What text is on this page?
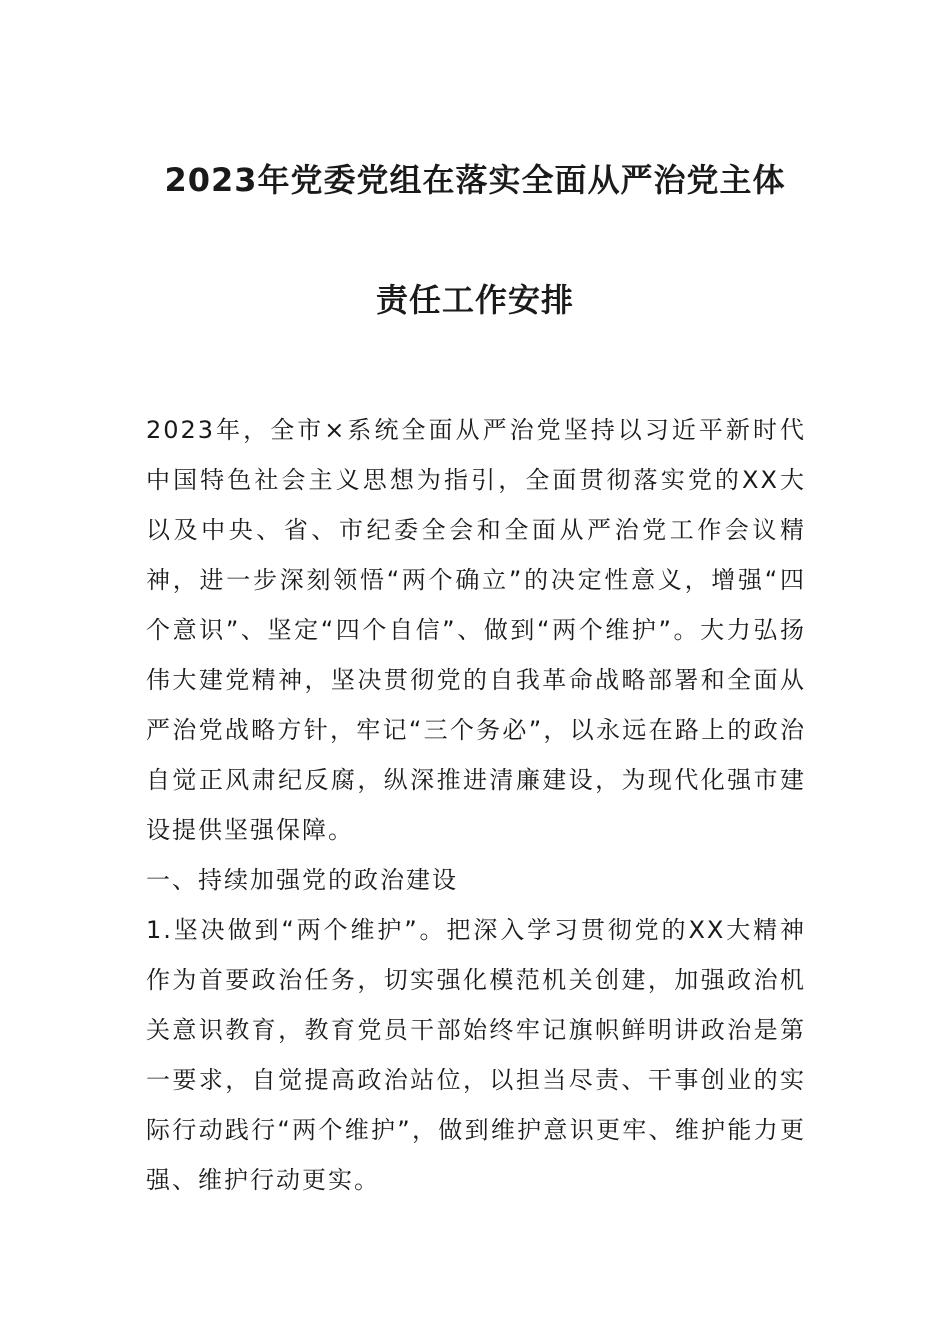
2023年党委党组在落实全面从严治党主体
责任工作安排

2023年，全市×系统全面从严治党坚持以习近平新时代中国特色社会主义思想为指引，全面贯彻落实党的XX大以及中央、省、市纪委全会和全面从严治党工作会议精神，进一步深刻领悟“两个确立”的决定性意义，增强“四个意识”、坚定“四个自信”、做到“两个维护”。大力弘扬伟大建党精神，坚决贯彻党的自我革命战略部署和全面从严治党战略方针，牢记“三个务必”，以永远在路上的政治自觉正风肃纪反腐，纵深推进清廉建设，为现代化强市建设提供坚强保障。

一、持续加强党的政治建设

1.坚决做到“两个维护”。把深入学习贯彻党的XX大精神作为首要政治任务，切实强化模范机关创建，加强政治机关意识教育，教育党员干部始终牢记旗帜鲜明讲政治是第一要求，自觉提高政治站位，以担当尽责、干事创业的实际行动践行“两个维护”，做到维护意识更牢、维护能力更强、维护行动更实。
